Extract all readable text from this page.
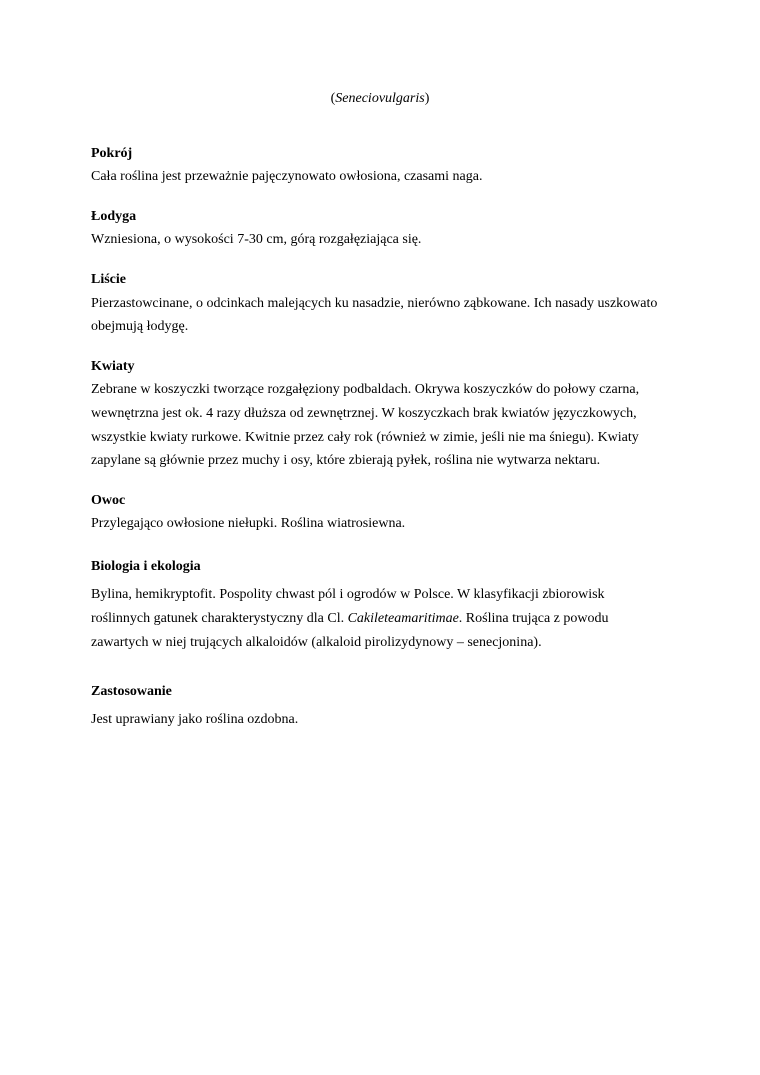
(Seneciovulgaris)
Pokrój
Cała roślina jest przeważnie pajęczynowato owłosiona, czasami naga.
Łodyga
Wzniesiona, o wysokości 7-30 cm, górą rozgałęziająca się.
Liście
Pierzastowcinane, o odcinkach malejących ku nasadzie, nierówno ząbkowane. Ich nasady uszkowato
obejmują łodygę.
Kwiaty
Zebrane w koszyczki tworzące rozgałęziony podbaldach. Okrywa koszyczków do połowy czarna,
wewnętrzna jest ok. 4 razy dłuższa od zewnętrznej. W koszyczkach brak kwiatów języczkowych,
wszystkie kwiaty rurkowe. Kwitnie przez cały rok (również w zimie, jeśli nie ma śniegu). Kwiaty
zapylane są głównie przez muchy i osy, które zbierają pyłek, roślina nie wytwarza nektaru.
Owoc
Przylegająco owłosione niełupki. Roślina wiatrosiewna.
Biologia i ekologia
Bylina, hemikryptofit. Pospolity chwast pól i ogrodów w Polsce. W klasyfikacji zbiorowisk
roślinnych gatunek charakterystyczny dla Cl. Cakileteamaritimae. Roślina trująca z powodu
zawartych w niej trujących alkaloidów (alkaloid pirolizydynowy – senecjonina).
Zastosowanie
Jest uprawiany jako roślina ozdobna.
